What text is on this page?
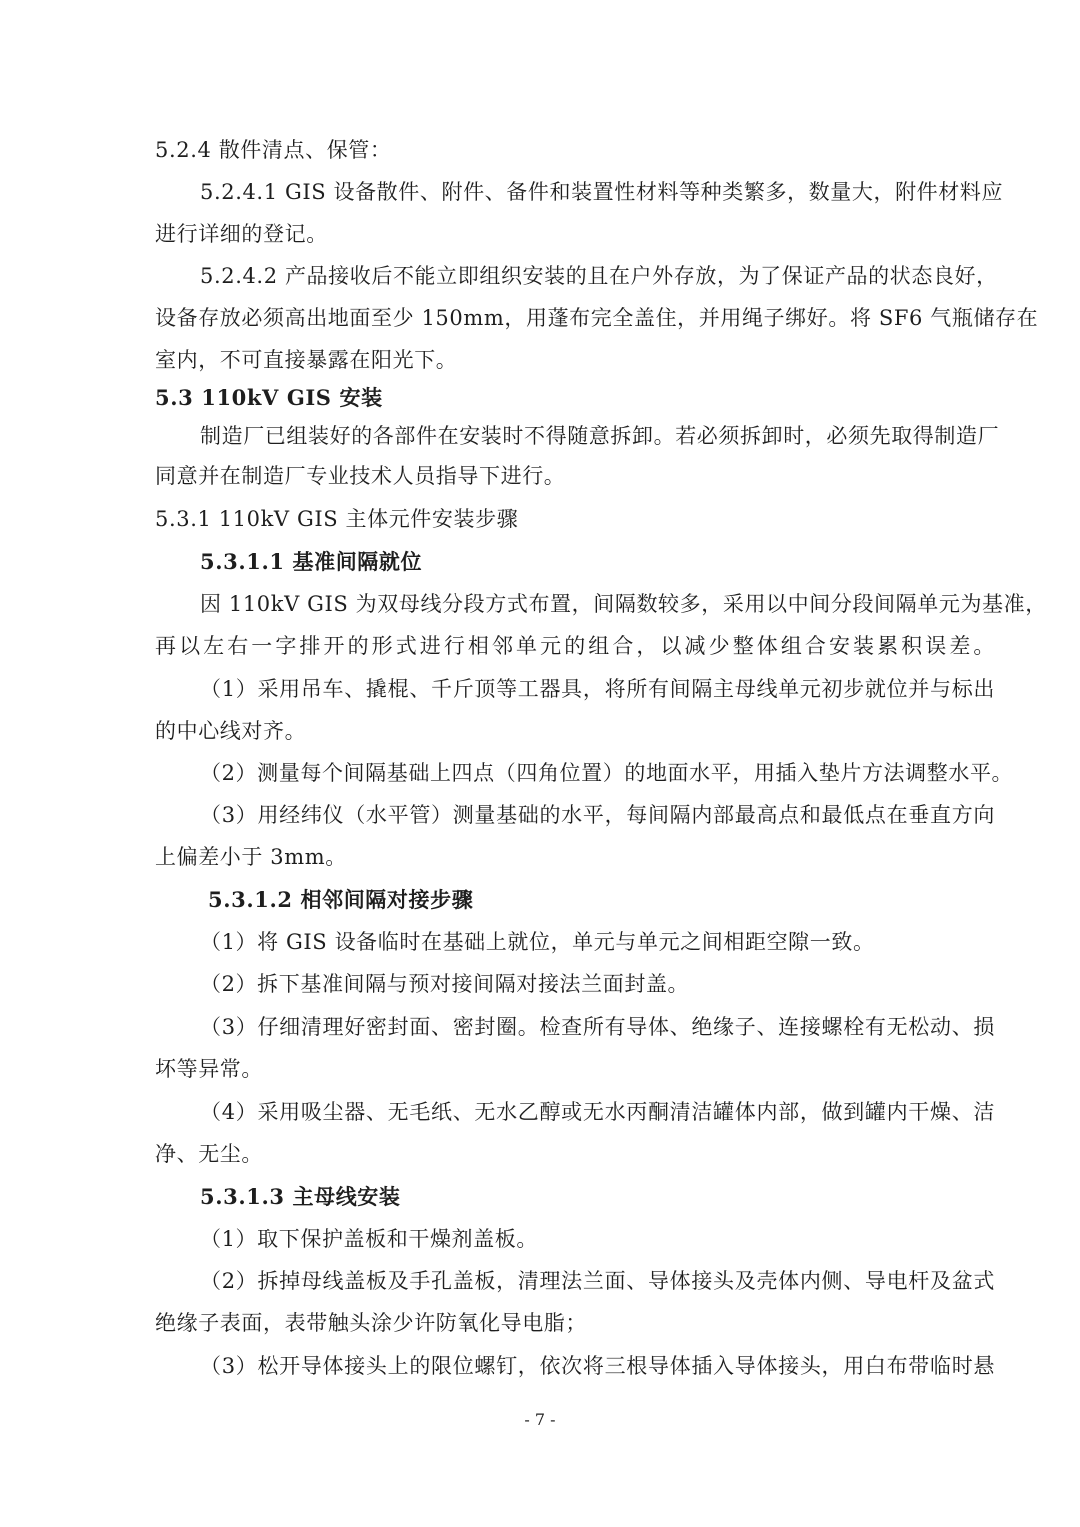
5.2.4 散件清点、保管：
5.2.4.1 GIS 设备散件、附件、备件和装置性材料等种类繁多，数量大，附件材料应
进行详细的登记。
5.2.4.2 产品接收后不能立即组织安装的且在户外存放，为了保证产品的状态良好，
设备存放必须高出地面至少 150mm，用蓬布完全盖住，并用绳子绑好。将 SF6 气瓶储存在
室内，不可直接暴露在阳光下。
5.3 110kV GIS 安装
制造厂已组装好的各部件在安装时不得随意拆卸。若必须拆卸时，必须先取得制造厂
同意并在制造厂专业技术人员指导下进行。
5.3.1 110kV GIS 主体元件安装步骤
5.3.1.1 基准间隔就位
因 110kV GIS 为双母线分段方式布置，间隔数较多，采用以中间分段间隔单元为基准，
再以左右一字排开的形式进行相邻单元的组合，以减少整体组合安装累积误差。
（1）采用吊车、撬棍、千斤顶等工器具，将所有间隔主母线单元初步就位并与标出
的中心线对齐。
（2）测量每个间隔基础上四点（四角位置）的地面水平，用插入垫片方法调整水平。
（3）用经纬仪（水平管）测量基础的水平，每间隔内部最高点和最低点在垂直方向
上偏差小于 3mm。
5.3.1.2 相邻间隔对接步骤
（1）将 GIS 设备临时在基础上就位，单元与单元之间相距空隙一致。
（2）拆下基准间隔与预对接间隔对接法兰面封盖。
（3）仔细清理好密封面、密封圈。检查所有导体、绝缘子、连接螺栓有无松动、损
坏等异常。
（4）采用吸尘器、无毛纸、无水乙醇或无水丙酮清洁罐体内部，做到罐内干燥、洁
净、无尘。
5.3.1.3 主母线安装
（1）取下保护盖板和干燥剂盖板。
（2）拆掉母线盖板及手孔盖板，清理法兰面、导体接头及壳体内侧、导电杆及盆式
绝缘子表面，表带触头涂少许防氧化导电脂；
（3）松开导体接头上的限位螺钉，依次将三根导体插入导体接头，用白布带临时悬
- 7 -
